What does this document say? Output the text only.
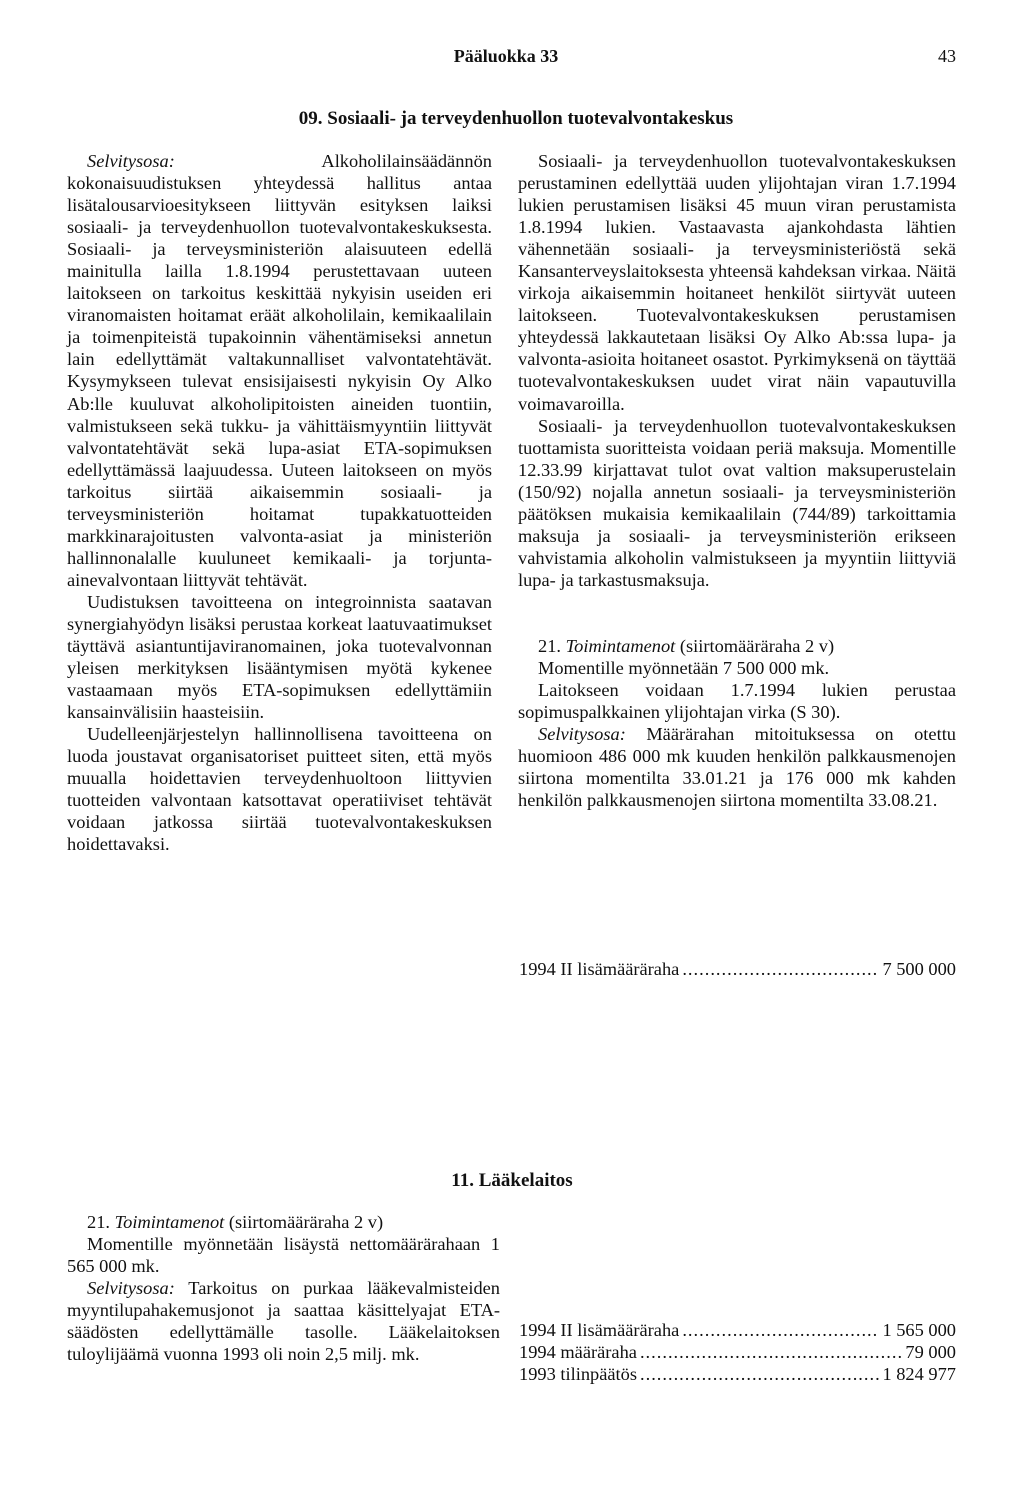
Pääluokka 33	43
09. Sosiaali- ja terveydenhuollon tuotevalvontakeskus

Selvitysosa: Alkoholilainsäädännön kokonaisuudistuksen yhteydessä hallitus antaa lisätalousarvioesitykseen liittyvän esityksen laiksi sosiaali- ja terveydenhuollon tuotevalvontakeskuksesta. Sosiaali- ja terveysministeriön alaisuuteen edellä mainitulla lailla 1.8.1994 perustettavaan uuteen laitokseen on tarkoitus keskittää nykyisin useiden eri viranomaisten hoitamat eräät alkoholilain, kemikaalilain ja toimenpiteistä tupakoinnin vähentämiseksi annetun lain edellyttämät valtakunnalliset valvontatehtävät. Kysymykseen tulevat ensisijaisesti nykyisin Oy Alko Ab:lle kuuluvat alkoholipitoisten aineiden tuontiin, valmistukseen sekä tukku- ja vähittäismyyntiin liittyvät valvontatehtävät sekä lupa-asiat ETA-sopimuksen edellyttämässä laajuudessa. Uuteen laitokseen on myös tarkoitus siirtää aikaisemmin sosiaali- ja terveysministeriön hoitamat tupakkatuotteiden markkinarajoitusten valvonta-asiat ja ministeriön hallinnonalalle kuuluneet kemikaali- ja torjunta-ainevalvontaan liittyvät tehtävät.

Uudistuksen tavoitteena on integroinnista saatavan synergiahyödyn lisäksi perustaa korkeat laatuvaatimukset täyttävä asiantuntijaviranomainen, joka tuotevalvonnan yleisen merkityksen lisääntymisen myötä kykenee vastaamaan myös ETA-sopimuksen edellyttämiin kansainvälisiin haasteisiin.

Uudelleenjärjestelyn hallinnollisena tavoitteena on luoda joustavat organisatoriset puitteet siten, että myös muualla hoidettavien terveydenhuoltoon liittyvien tuotteiden valvontaan katsottavat operatiiviset tehtävät voidaan jatkossa siirtää tuotevalvontakeskuksen hoidettavaksi.

Sosiaali- ja terveydenhuollon tuotevalvontakeskuksen perustaminen edellyttää uuden ylijohtajan viran 1.7.1994 lukien perustamisen lisäksi 45 muun viran perustamista 1.8.1994 lukien. Vastaavasta ajankohdasta lähtien vähennetään sosiaali- ja terveysministeriöstä sekä Kansanterveyslaitoksesta yhteensä kahdeksan virkaa. Näitä virkoja aikaisemmin hoitaneet henkilöt siirtyvät uuteen laitokseen. Tuotevalvontakeskuksen perustamisen yhteydessä lakkautetaan lisäksi Oy Alko Ab:ssa lupa- ja valvonta-asioita hoitaneet osastot. Pyrkimyksenä on täyttää tuotevalvontakeskuksen uudet virat näin vapautuvilla voimavaroilla.

Sosiaali- ja terveydenhuollon tuotevalvontakeskuksen tuottamista suoritteista voidaan periä maksuja. Momentille 12.33.99 kirjattavat tulot ovat valtion maksuperustelain (150/92) nojalla annetun sosiaali- ja terveysministeriön päätöksen mukaisia kemikaalilain (744/89) tarkoittamia maksuja ja sosiaali- ja terveysministeriön erikseen vahvistamia alkoholin valmistukseen ja myyntiin liittyviä lupa- ja tarkastusmaksuja.

21. Toimintamenot (siirtomääräraha 2 v)

Momentille myönnetään 7 500 000 mk.

Laitokseen voidaan 1.7.1994 lukien perustaa sopimuspalkkainen ylijohtajan virka (S 30).

Selvitysosa: Määrärahan mitoituksessa on otettu huomioon 486 000 mk kuuden henkilön palkkausmenojen siirtona momentilta 33.01.21 ja 176 000 mk kahden henkilön palkkausmenojen siirtona momentilta 33.08.21.

1994 II lisämääräraha .....	7 500 000
11. Lääkelaitos

21. Toimintamenot (siirtomääräraha 2 v)

Momentille myönnetään lisäystä nettomäärärahaan 1 565 000 mk.

Selvitysosa: Tarkoitus on purkaa lääkevalmisteiden myyntilupahakemusjonot ja saattaa käsittelyajat ETA-säädösten edellyttämälle tasolle. Lääkelaitoksen tuloylijäämä vuonna 1993 oli noin 2,5 milj. mk.

1994 II lisämääräraha .....	1 565 000
1994 määräraha .....	79 000
1993 tilinpäätös .....	1 824 977
